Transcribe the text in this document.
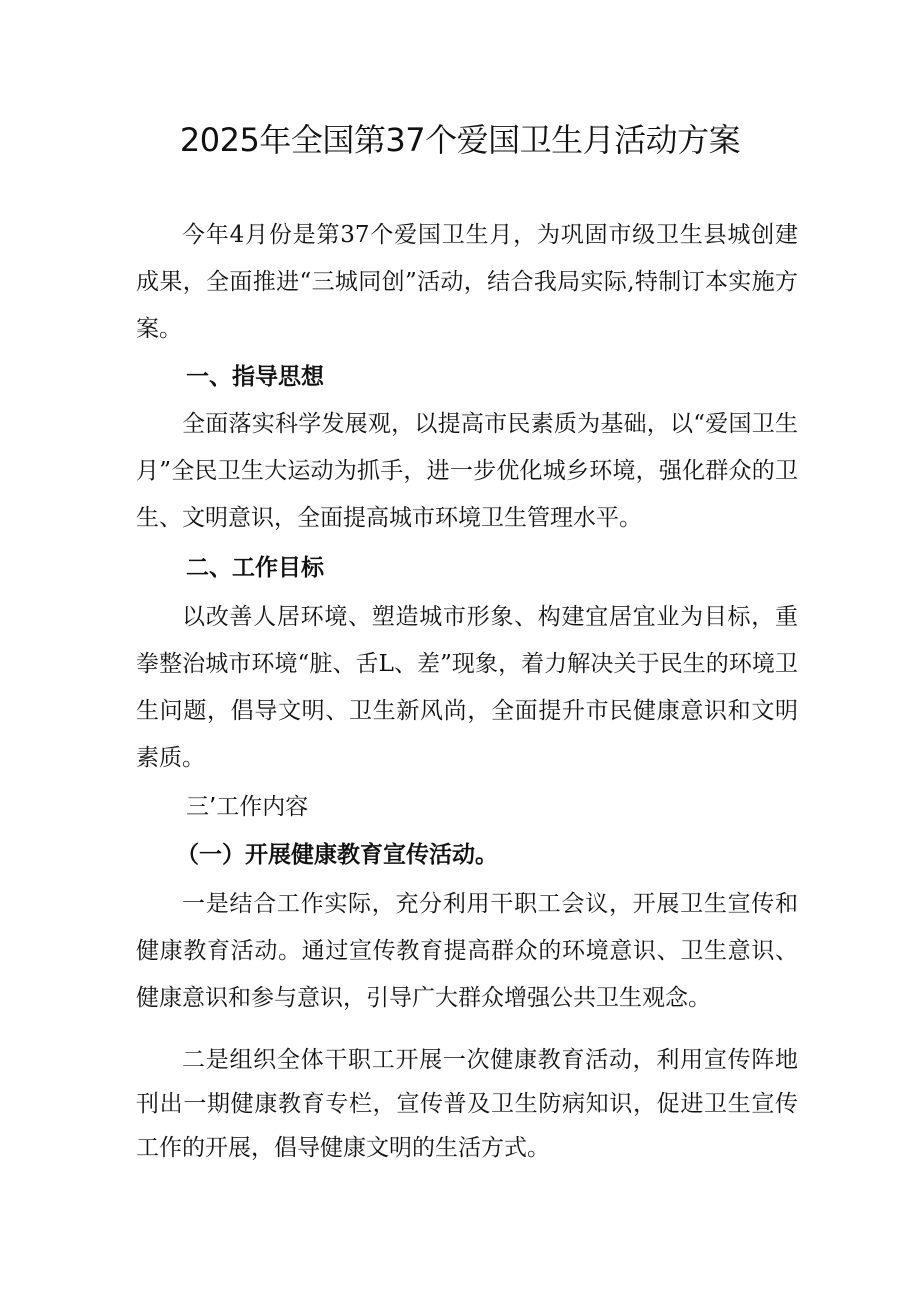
2025年全国第37个爱国卫生月活动方案

今年4月份是第37个爱国卫生月，为巩固市级卫生县城创建成果，全面推进“三城同创”活动，结合我局实际,特制订本实施方案。

一、指导思想

全面落实科学发展观，以提高市民素质为基础，以“爱国卫生月”全民卫生大运动为抓手，进一步优化城乡环境，强化群众的卫生、文明意识，全面提高城市环境卫生管理水平。

二、工作目标

以改善人居环境、塑造城市形象、构建宜居宜业为目标，重拳整治城市环境“脏、舌L、差”现象，着力解决关于民生的环境卫生问题，倡导文明、卫生新风尚，全面提升市民健康意识和文明素质。

三’工作内容

（一）开展健康教育宣传活动。

一是结合工作实际，充分利用干职工会议，开展卫生宣传和健康教育活动。通过宣传教育提高群众的环境意识、卫生意识、健康意识和参与意识，引导广大群众增强公共卫生观念。

二是组织全体干职工开展一次健康教育活动，利用宣传阵地刊出一期健康教育专栏，宣传普及卫生防病知识，促进卫生宣传工作的开展，倡导健康文明的生活方式。
